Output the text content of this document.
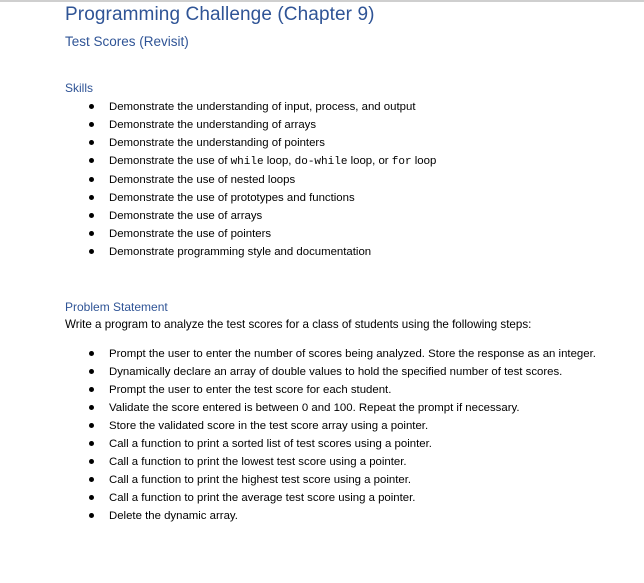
Programming Challenge (Chapter 9)
Test Scores (Revisit)
Skills
Demonstrate the understanding of input, process, and output
Demonstrate the understanding of arrays
Demonstrate the understanding of pointers
Demonstrate the use of while loop, do-while loop, or for loop
Demonstrate the use of nested loops
Demonstrate the use of prototypes and functions
Demonstrate the use of arrays
Demonstrate the use of pointers
Demonstrate programming style and documentation
Problem Statement
Write a program to analyze the test scores for a class of students using the following steps:
Prompt the user to enter the number of scores being analyzed. Store the response as an integer.
Dynamically declare an array of double values to hold the specified number of test scores.
Prompt the user to enter the test score for each student.
Validate the score entered is between 0 and 100. Repeat the prompt if necessary.
Store the validated score in the test score array using a pointer.
Call a function to print a sorted list of test scores using a pointer.
Call a function to print the lowest test score using a pointer.
Call a function to print the highest test score using a pointer.
Call a function to print the average test score using a pointer.
Delete the dynamic array.
